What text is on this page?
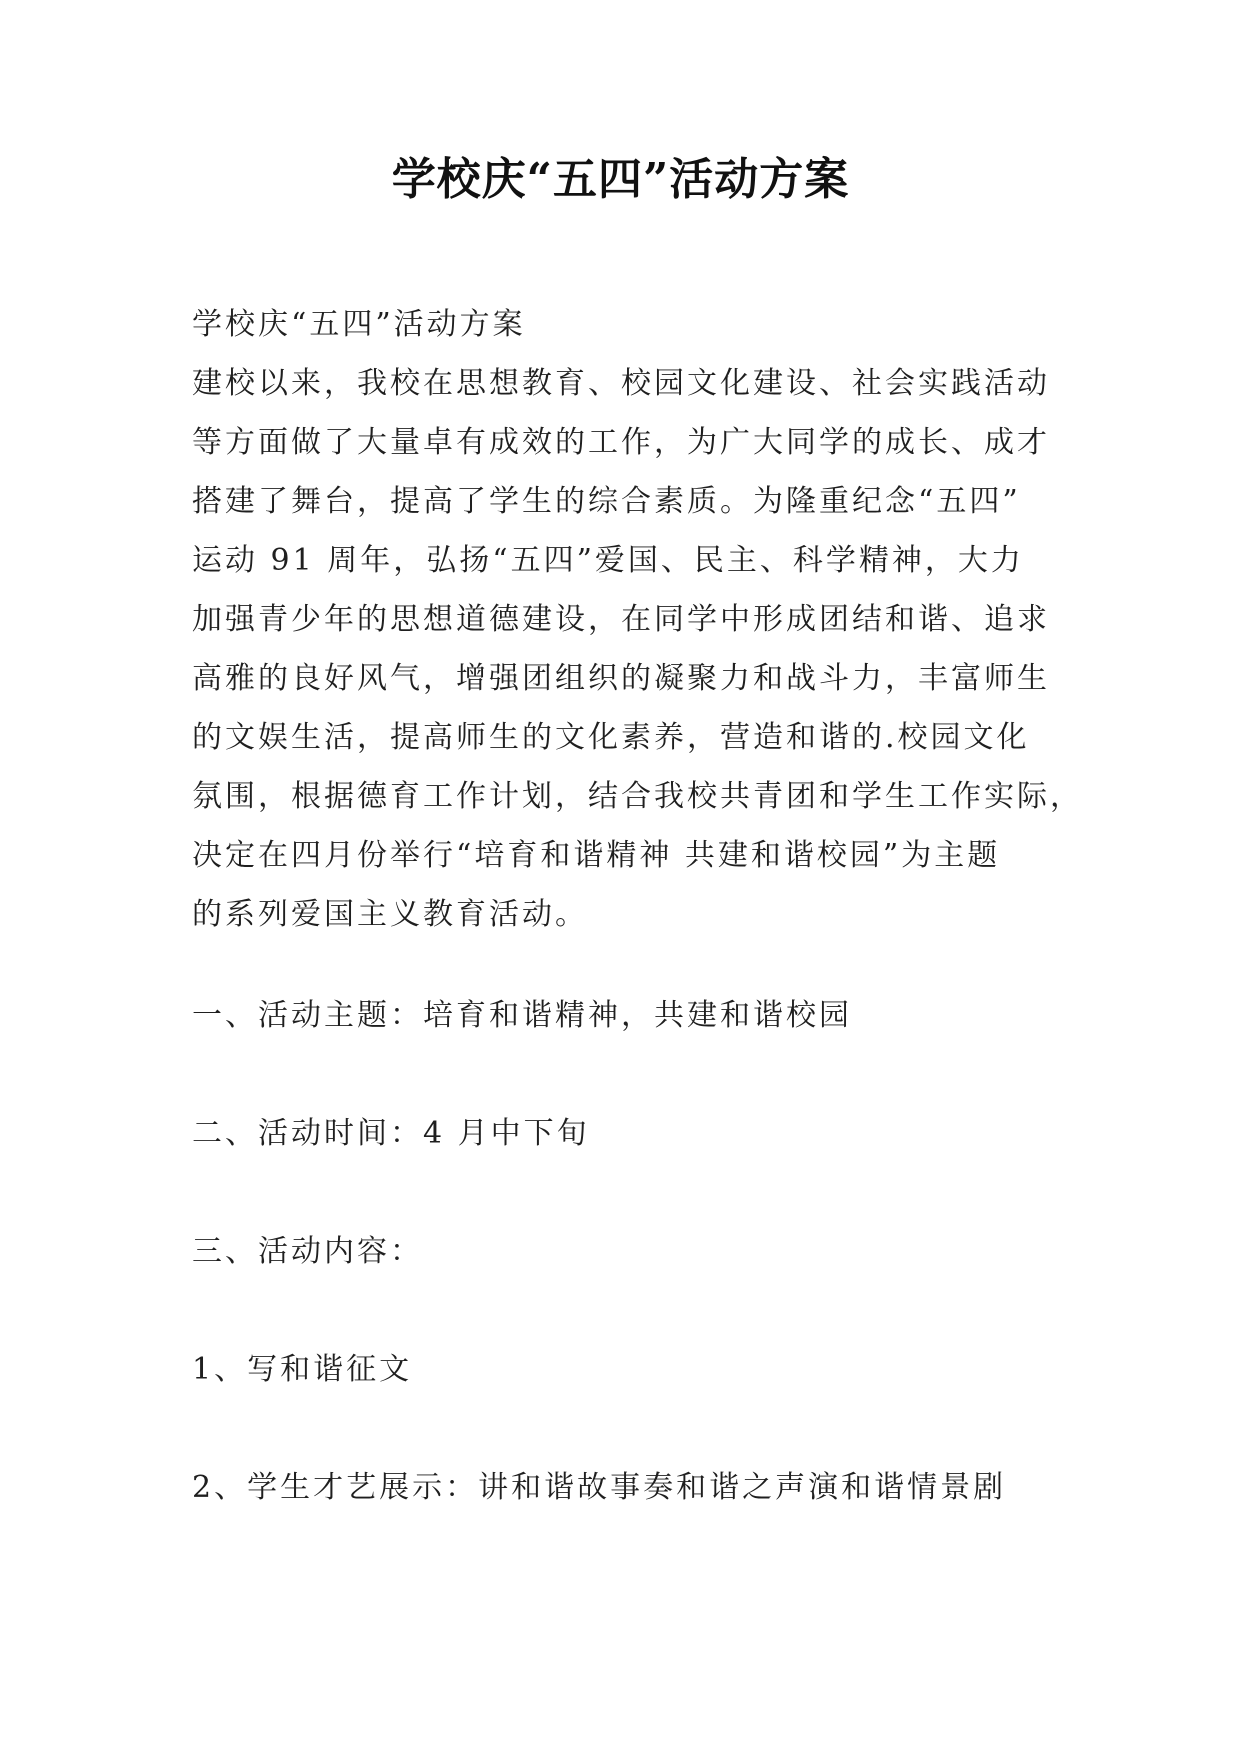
学校庆“五四”活动方案
学校庆“五四”活动方案
建校以来，我校在思想教育、校园文化建设、社会实践活动
等方面做了大量卓有成效的工作，为广大同学的成长、成才
搭建了舞台，提高了学生的综合素质。为隆重纪念“五四”
运动 91 周年，弘扬“五四”爱国、民主、科学精神，大力
加强青少年的思想道德建设，在同学中形成团结和谐、追求
高雅的良好风气，增强团组织的凝聚力和战斗力，丰富师生
的文娱生活，提高师生的文化素养，营造和谐的.校园文化
氛围，根据德育工作计划，结合我校共青团和学生工作实际，
决定在四月份举行“培育和谐精神 共建和谐校园”为主题
的系列爱国主义教育活动。
一、活动主题：培育和谐精神，共建和谐校园
二、活动时间：4 月中下旬
三、活动内容：
1、写和谐征文
2、学生才艺展示：讲和谐故事奏和谐之声演和谐情景剧
